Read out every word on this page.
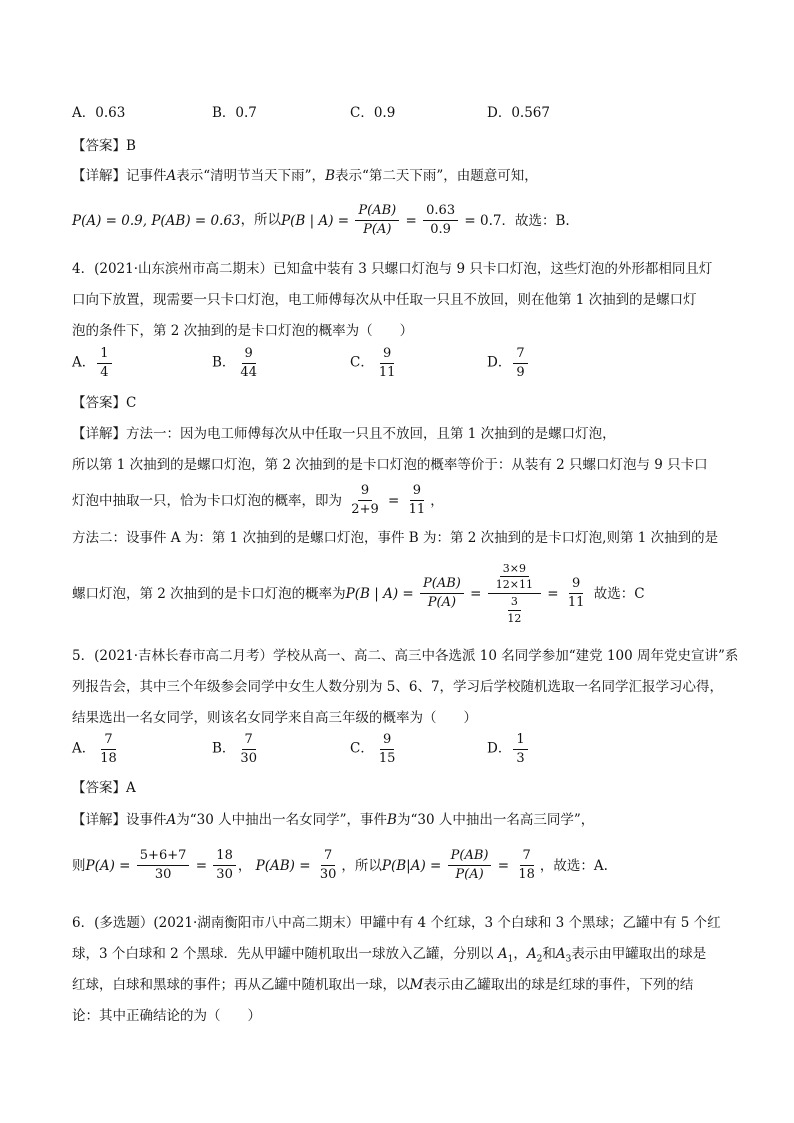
A．0.63	B．0.7	C．0.9	D．0.567
【答案】B
【详解】记事件A表示“清明节当天下雨”，B表示“第二天下雨”，由题意可知，
P(A) = 0.9, P(AB) = 0.63，所以P(B | $A) = \frac{P(AB)}{P(A)} = \frac{0.63}{0.9} = 0.7$．故选：B.
4．(2021·山东滨州市高二期末）已知盒中装有 3 只螺口灯泡与 9 只卡口灯泡，这些灯泡的外形都相同且灯
口向下放置，现需要一只卡口灯泡，电工师傅每次从中任取一只且不放回，则在他第 1 次抽到的是螺口灯
泡的条件下，第 2 次抽到的是卡口灯泡的概率为（　　）
A． $\frac{1}{4}$	B． $\frac{9}{44}$	C． $\frac{9}{11}$	D． $\frac{7}{9}$
【答案】C
【详解】方法一：因为电工师傅每次从中任取一只且不放回，且第 1 次抽到的是螺口灯泡，
所以第 1 次抽到的是螺口灯泡，第 2 次抽到的是卡口灯泡的概率等价于：从装有 2 只螺口灯泡与 9 只卡口
灯泡中抽取一只，恰为卡口灯泡的概率，即为 $\frac{9}{2+9} = \frac{9}{11}$ ，
方法二：设事件 A 为：第 1 次抽到的是螺口灯泡，事件 B 为：第 2 次抽到的是卡口灯泡,则第 1 次抽到的是
螺口灯泡，第 2 次抽到的是卡口灯泡的概率为P(B | $A) = \frac{P(AB)}{P(A)} = \frac{\frac{3\times 9}{12\times 11}}{\frac{3}{12}} = \frac{9}{11}$ 故选：C
5．(2021·吉林长春市高二月考）学校从高一、高二、高三中各选派 10 名同学参加“建党 100 周年党史宣讲”系
列报告会，其中三个年级参会同学中女生人数分别为 5、6、7，学习后学校随机选取一名同学汇报学习心得，
结果选出一名女同学，则该名女同学来自高三年级的概率为（　　）
A． $\frac{7}{18}$	B． $\frac{7}{30}$	C． $\frac{9}{15}$	D． $\frac{1}{3}$
【答案】A
【详解】设事件A为“30 人中抽出一名女同学”，事件B为“30 人中抽出一名高三同学”，
则$P(A) = \frac{5+6+7}{30} = \frac{18}{30}$ ， $P(AB) = \frac{7}{30}$ ，所以$P(B|A) = \frac{P(AB)}{P(A)} = \frac{7}{18}$ ，故选：A.
6．(多选题）(2021·湖南衡阳市八中高二期末）甲罐中有 4 个红球，3 个白球和 3 个黑球；乙罐中有 5 个红
球，3 个白球和 2 个黑球．先从甲罐中随机取出一球放入乙罐，分别以 $A_1$，$A_2$和$A_3$表示由甲罐取出的球是
红球，白球和黑球的事件；再从乙罐中随机取出一球，以M表示由乙罐取出的球是红球的事件，下列的结
论：其中正确结论的为（　　）
